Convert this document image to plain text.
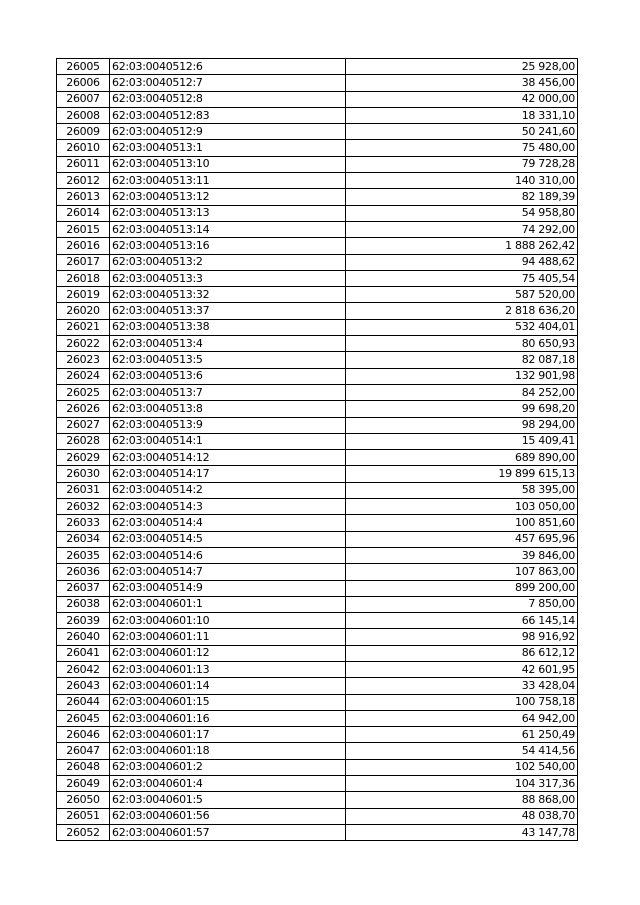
26005	62:03:0040512:6	25 928,00
26006	62:03:0040512:7	38 456,00
26007	62:03:0040512:8	42 000,00
26008	62:03:0040512:83	18 331,10
26009	62:03:0040512:9	50 241,60
26010	62:03:0040513:1	75 480,00
26011	62:03:0040513:10	79 728,28
26012	62:03:0040513:11	140 310,00
26013	62:03:0040513:12	82 189,39
26014	62:03:0040513:13	54 958,80
26015	62:03:0040513:14	74 292,00
26016	62:03:0040513:16	1 888 262,42
26017	62:03:0040513:2	94 488,62
26018	62:03:0040513:3	75 405,54
26019	62:03:0040513:32	587 520,00
26020	62:03:0040513:37	2 818 636,20
26021	62:03:0040513:38	532 404,01
26022	62:03:0040513:4	80 650,93
26023	62:03:0040513:5	82 087,18
26024	62:03:0040513:6	132 901,98
26025	62:03:0040513:7	84 252,00
26026	62:03:0040513:8	99 698,20
26027	62:03:0040513:9	98 294,00
26028	62:03:0040514:1	15 409,41
26029	62:03:0040514:12	689 890,00
26030	62:03:0040514:17	19 899 615,13
26031	62:03:0040514:2	58 395,00
26032	62:03:0040514:3	103 050,00
26033	62:03:0040514:4	100 851,60
26034	62:03:0040514:5	457 695,96
26035	62:03:0040514:6	39 846,00
26036	62:03:0040514:7	107 863,00
26037	62:03:0040514:9	899 200,00
26038	62:03:0040601:1	7 850,00
26039	62:03:0040601:10	66 145,14
26040	62:03:0040601:11	98 916,92
26041	62:03:0040601:12	86 612,12
26042	62:03:0040601:13	42 601,95
26043	62:03:0040601:14	33 428,04
26044	62:03:0040601:15	100 758,18
26045	62:03:0040601:16	64 942,00
26046	62:03:0040601:17	61 250,49
26047	62:03:0040601:18	54 414,56
26048	62:03:0040601:2	102 540,00
26049	62:03:0040601:4	104 317,36
26050	62:03:0040601:5	88 868,00
26051	62:03:0040601:56	48 038,70
26052	62:03:0040601:57	43 147,78
